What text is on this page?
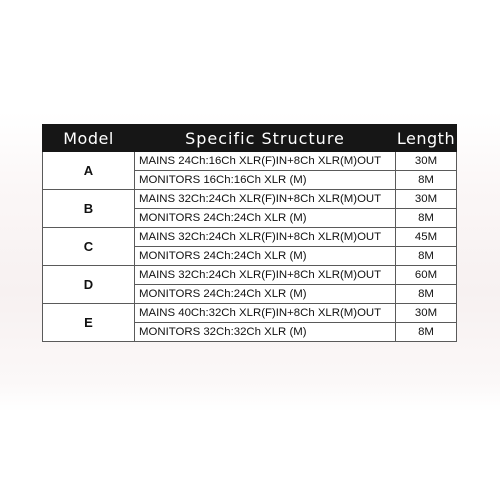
Model	Specific Structure	Length
A	MAINS 24Ch:16Ch XLR(F)IN+8Ch XLR(M)OUT	30M
	MONITORS 16Ch:16Ch XLR (M)	8M
B	MAINS 32Ch:24Ch XLR(F)IN+8Ch XLR(M)OUT	30M
	MONITORS 24Ch:24Ch XLR (M)	8M
C	MAINS 32Ch:24Ch XLR(F)IN+8Ch XLR(M)OUT	45M
	MONITORS 24Ch:24Ch XLR (M)	8M
D	MAINS 32Ch:24Ch XLR(F)IN+8Ch XLR(M)OUT	60M
	MONITORS 24Ch:24Ch XLR (M)	8M
E	MAINS 40Ch:32Ch XLR(F)IN+8Ch XLR(M)OUT	30M
	MONITORS 32Ch:32Ch XLR (M)	8M
